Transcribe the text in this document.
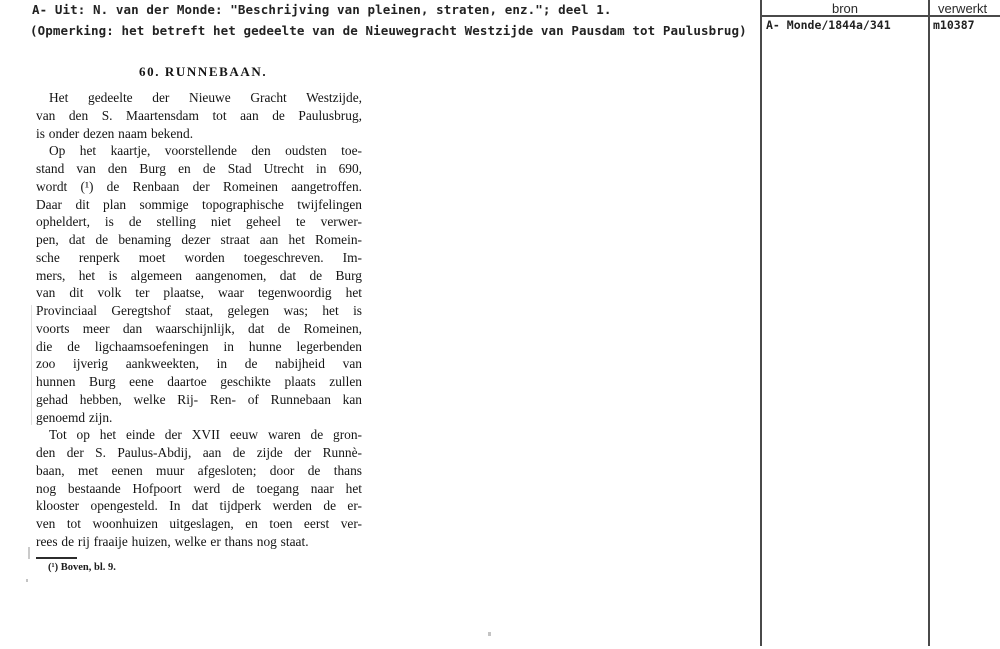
A- Uit: N. van der Monde: "Beschrijving van pleinen, straten, enz."; deel 1.
(Opmerking: het betreft het gedeelte van de Nieuwegracht Westzijde van Pausdam tot Paulusbrug)
60. RUNNEBAAN.
Het gedeelte der Nieuwe Gracht Westzijde,
van den S. Maartensdam tot aan de Paulusbrug,
is onder dezen naam bekend.
Op het kaartje, voorstellende den oudsten toe-
stand van den Burg en de Stad Utrecht in 690,
wordt (¹) de Renbaan der Romeinen aangetroffen.
Daar dit plan sommige topographische twijfelingen
opheldert, is de stelling niet geheel te verwer-
pen, dat de benaming dezer straat aan het Romein-
sche renperk moet worden toegeschreven. Im-
mers, het is algemeen aangenomen, dat de Burg
van dit volk ter plaatse, waar tegenwoordig het
Provinciaal Geregtshof staat, gelegen was; het is
voorts meer dan waarschijnlijk, dat de Romeinen,
die de ligchaamsoefeningen in hunne legerbenden
zoo ijverig aankweekten, in de nabijheid van
hunnen Burg eene daartoe geschikte plaats zullen
gehad hebben, welke Rij- Ren- of Runnebaan kan
genoemd zijn.
Tot op het einde der XVII eeuw waren de gron-
den der S. Paulus-Abdij, aan de zijde der Runnè-
baan, met eenen muur afgesloten; door de thans
nog bestaande Hofpoort werd de toegang naar het
klooster opengesteld. In dat tijdperk werden de er-
ven tot woonhuizen uitgeslagen, en toen eerst ver-
rees de rij fraaije huizen, welke er thans nog staat.
(¹) Boven, bl. 9.
bron	verwerkt
A- Monde/1844a/341	m10387
